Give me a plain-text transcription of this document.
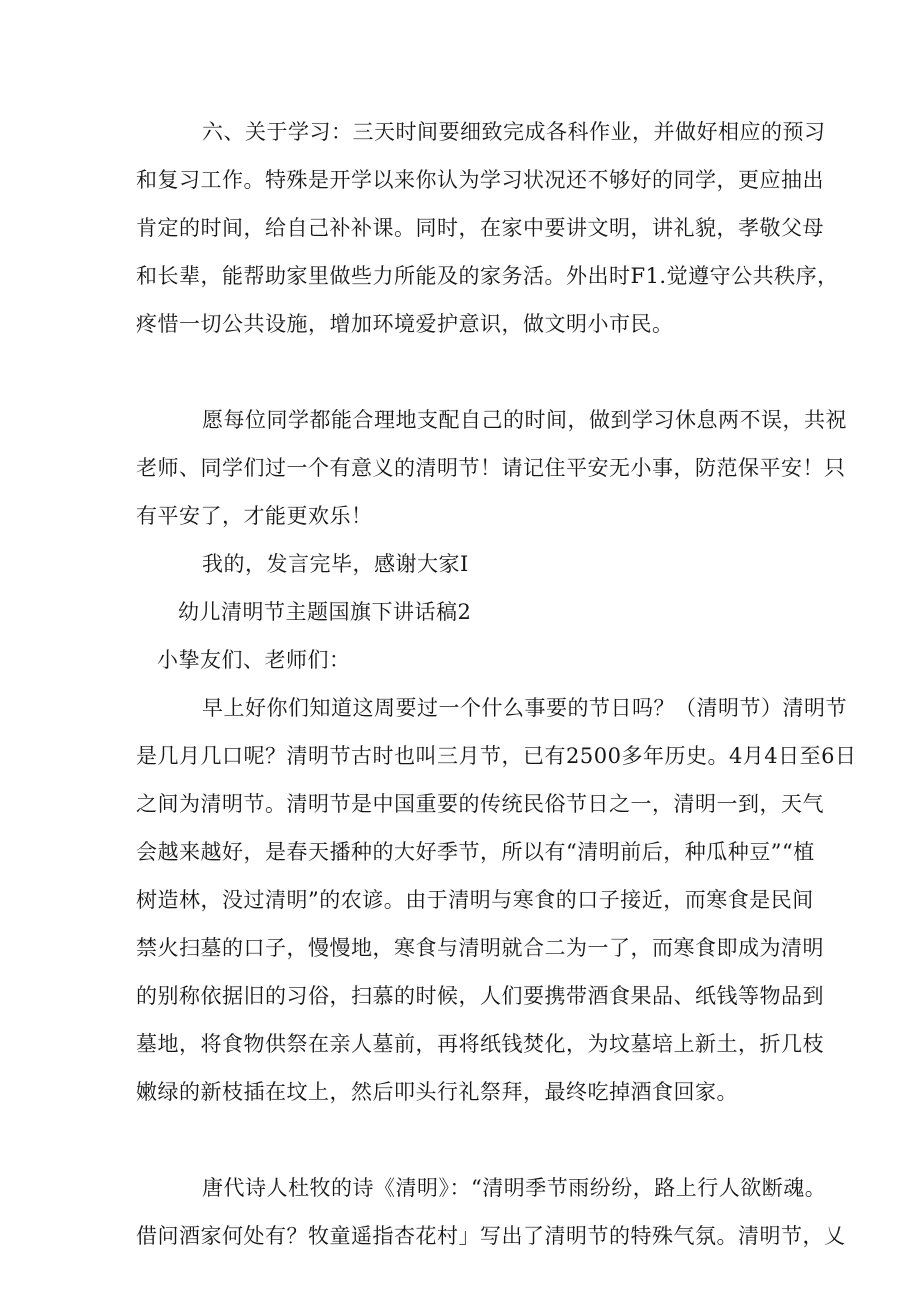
六、关于学习：三天时间要细致完成各科作业，并做好相应的预习
和复习工作。特殊是开学以来你认为学习状况还不够好的同学，更应抽出
肯定的时间，给自己补补课。同时，在家中要讲文明，讲礼貌，孝敬父母
和长辈，能帮助家里做些力所能及的家务活。外出时F1.觉遵守公共秩序，
疼惜一切公共设施，增加环境爱护意识，做文明小市民。
愿每位同学都能合理地支配自己的时间，做到学习休息两不误，共祝
老师、同学们过一个有意义的清明节！请记住平安无小事，防范保平安！只
有平安了，才能更欢乐！
我的，发言完毕，感谢大家I
幼儿清明节主题国旗下讲话稿2
小挚友们、老师们：
早上好你们知道这周要过一个什么事要的节日吗？（清明节）清明节
是几月几口呢？清明节古时也叫三月节，已有2500多年历史。4月4日至6日
之间为清明节。清明节是中国重要的传统民俗节日之一，清明一到，天气
会越来越好，是春天播种的大好季节，所以有“清明前后，种瓜种豆”“植
树造林，没过清明”的农谚。由于清明与寒食的口子接近，而寒食是民间
禁火扫墓的口子，慢慢地，寒食与清明就合二为一了，而寒食即成为清明
的别称依据旧的习俗，扫慕的时候，人们要携带酒食果品、纸钱等物品到
墓地，将食物供祭在亲人墓前，再将纸钱焚化，为坟墓培上新土，折几枝
嫩绿的新枝插在坟上，然后叩头行礼祭拜，最终吃掉酒食回家。
唐代诗人杜牧的诗《清明》：“清明季节雨纷纷，路上行人欲断魂。
借问酒家何处有？牧童遥指杏花村」写出了清明节的特殊气氛。清明节，乂
